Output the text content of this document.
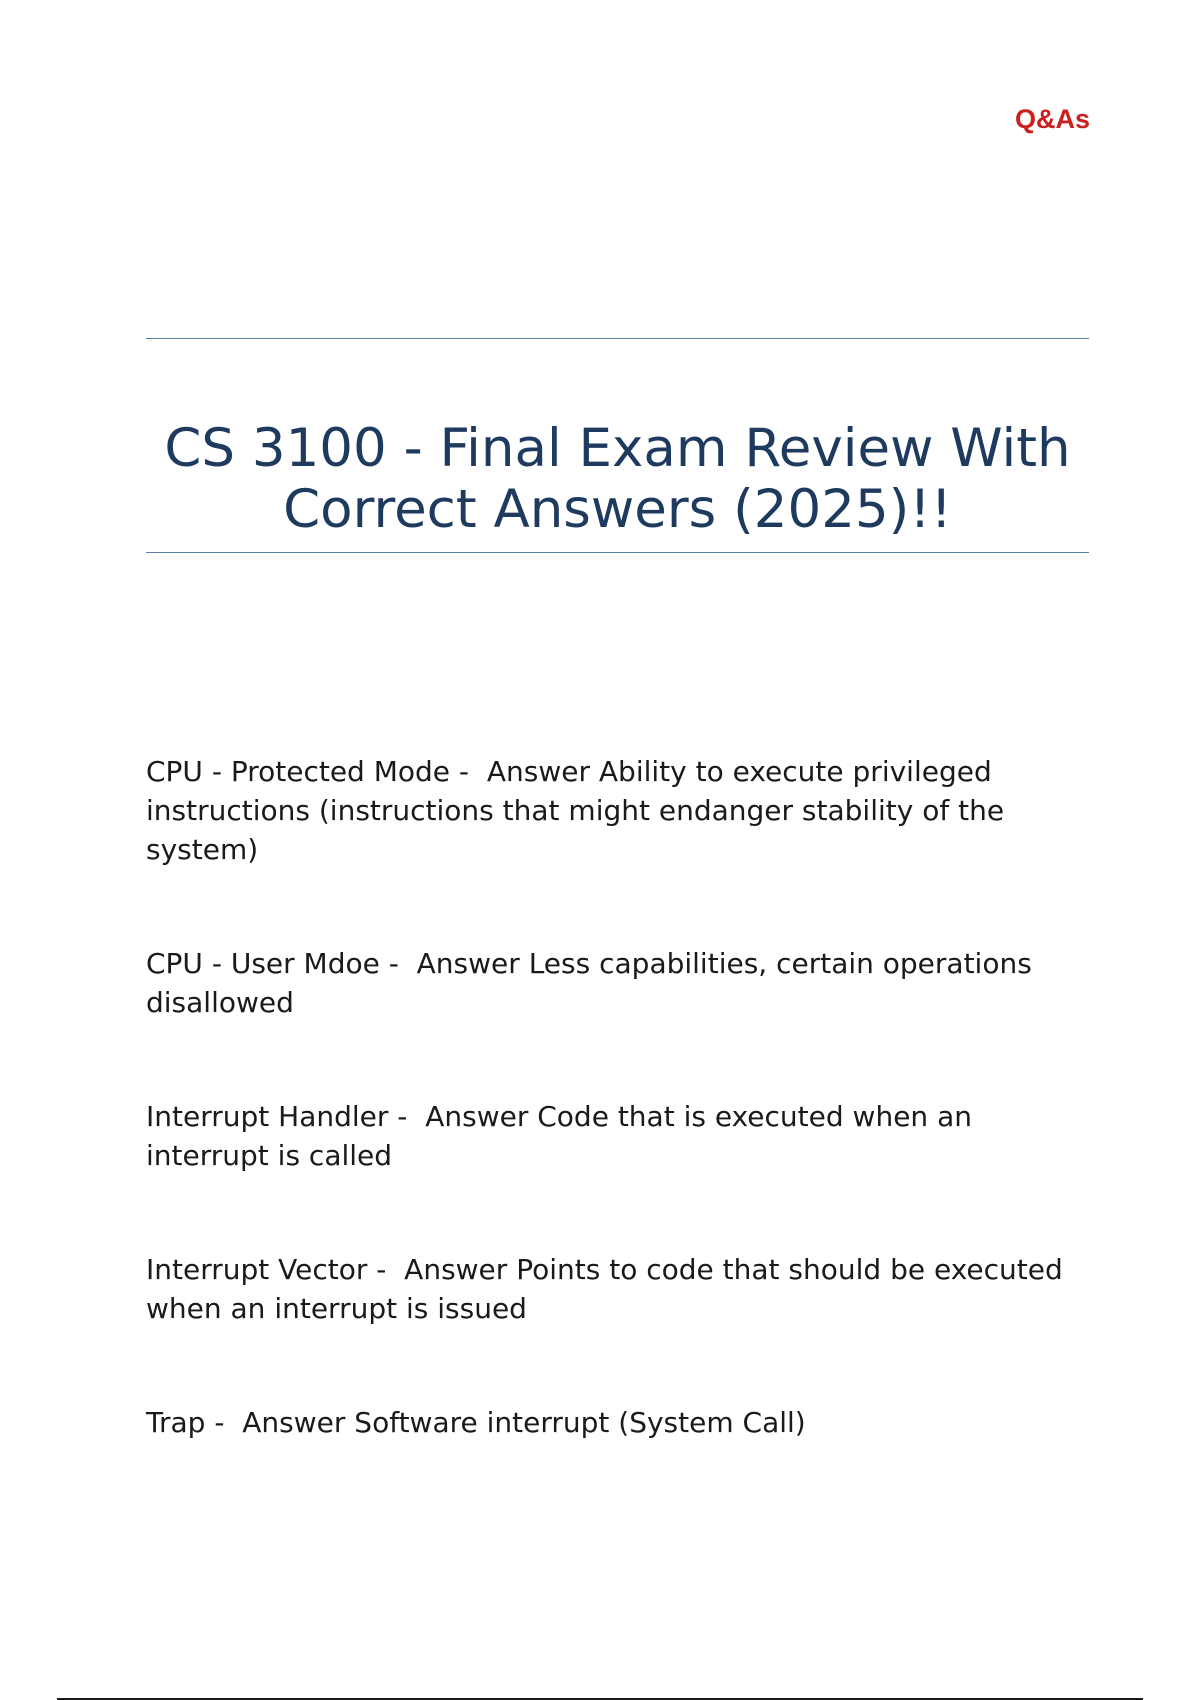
Q&As
CS 3100 - Final Exam Review With Correct Answers (2025)!!

CPU - Protected Mode -  Answer Ability to execute privileged instructions (instructions that might endanger stability of the system)

CPU - User Mdoe -  Answer Less capabilities, certain operations disallowed

Interrupt Handler -  Answer Code that is executed when an interrupt is called

Interrupt Vector -  Answer Points to code that should be executed when an interrupt is issued

Trap -  Answer Software interrupt (System Call)
